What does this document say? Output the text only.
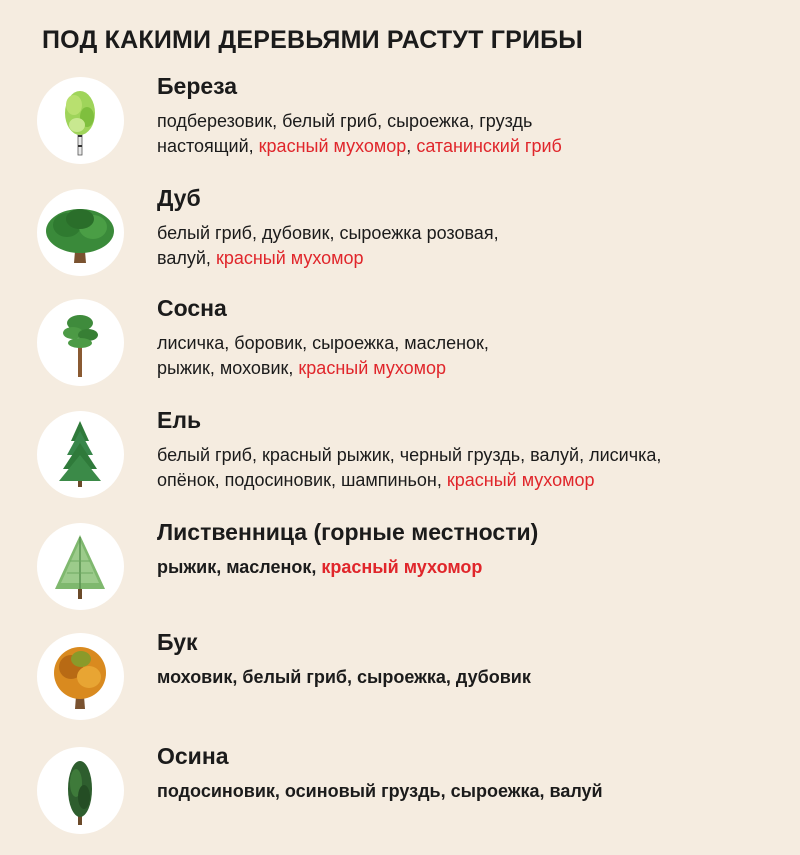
ПОД КАКИМИ ДЕРЕВЬЯМИ РАСТУТ ГРИБЫ
Береза
подберезовик, белый гриб, сыроежка, груздь
настоящий, красный мухомор, сатанинский гриб
Дуб
белый гриб, дубовик, сыроежка розовая,
валуй, красный мухомор
Сосна
лисичка, боровик, сыроежка, масленок,
рыжик, моховик, красный мухомор
Ель
белый гриб, красный рыжик, черный груздь, валуй, лисичка,
опёнок, подосиновик, шампиньон, красный мухомор
Лиственница (горные местности)
рыжик, масленок, красный мухомор
Бук
моховик, белый гриб, сыроежка, дубовик
Осина
подосиновик, осиновый груздь, сыроежка, валуй
